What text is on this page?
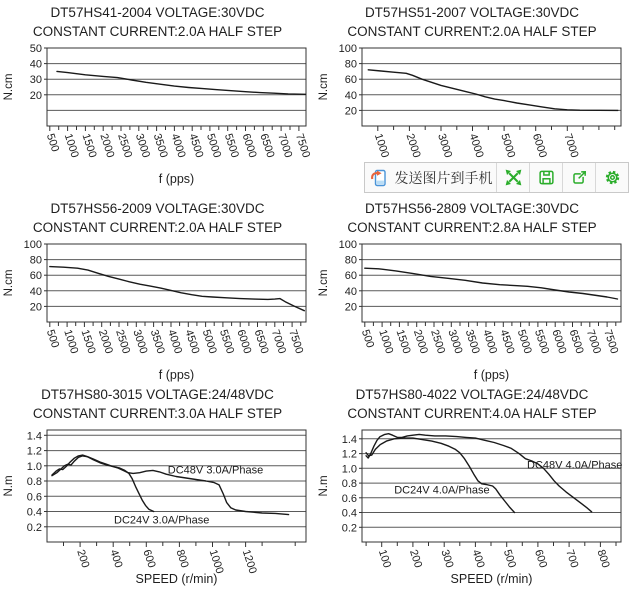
DT57HS41-2004 VOLTAGE:30VDC
CONSTANT CURRENT:2.0A HALF STEP
500 1000
1500
2000
2500
3000
3500
4000
4500
5000
5500
6000
6500
7000
7500
50
40
30
20
N.cm
f (pps)
DT57HS51-2007 VOLTAGE:30VDC
CONSTANT CURRENT:2.0A HALF STEP
1000 2000 3000 4000 5000 6000 7000
100
80
60
40
20
N.cm
DT57HS56-2009 VOLTAGE:30VDC
CONSTANT CURRENT:2.0A HALF STEP
500 1000
1500
2000
2500
3000
3500
4000
4500
5000
5500
6000
6500
7000
7500
100
80
60
40
20
N.cm
f (pps)
DT57HS56-2809 VOLTAGE:30VDC
CONSTANT CURRENT:2.8A HALF STEP
500 1000
1500
2000
2500
3000
3500
4000
4500
5000
5500
6000
6500
7000
7500
100
80
60
40
20
N.cm
f (pps)
DT57HS80-3015 VOLTAGE:24/48VDC
CONSTANT CURRENT:3.0A HALF STEP
200 400 600 800 1000 1200
1.4
1.2
1.0
0.8
0.6
0.4
0.2
N.m
SPEED (r/min)
DC48V 3.0A/Phase
DC24V 3.0A/Phase
DT57HS80-4022 VOLTAGE:24/48VDC
CONSTANT CURRENT:4.0A HALF STEP
100 200 300 400 500 600 700 800
1.4
1.2
1.0
0.8
0.6
0.4
0.2
N.m
SPEED (r/min)
DC48V 4.0A/Phase
DC24V 4.0A/Phase
发送图片到手机
